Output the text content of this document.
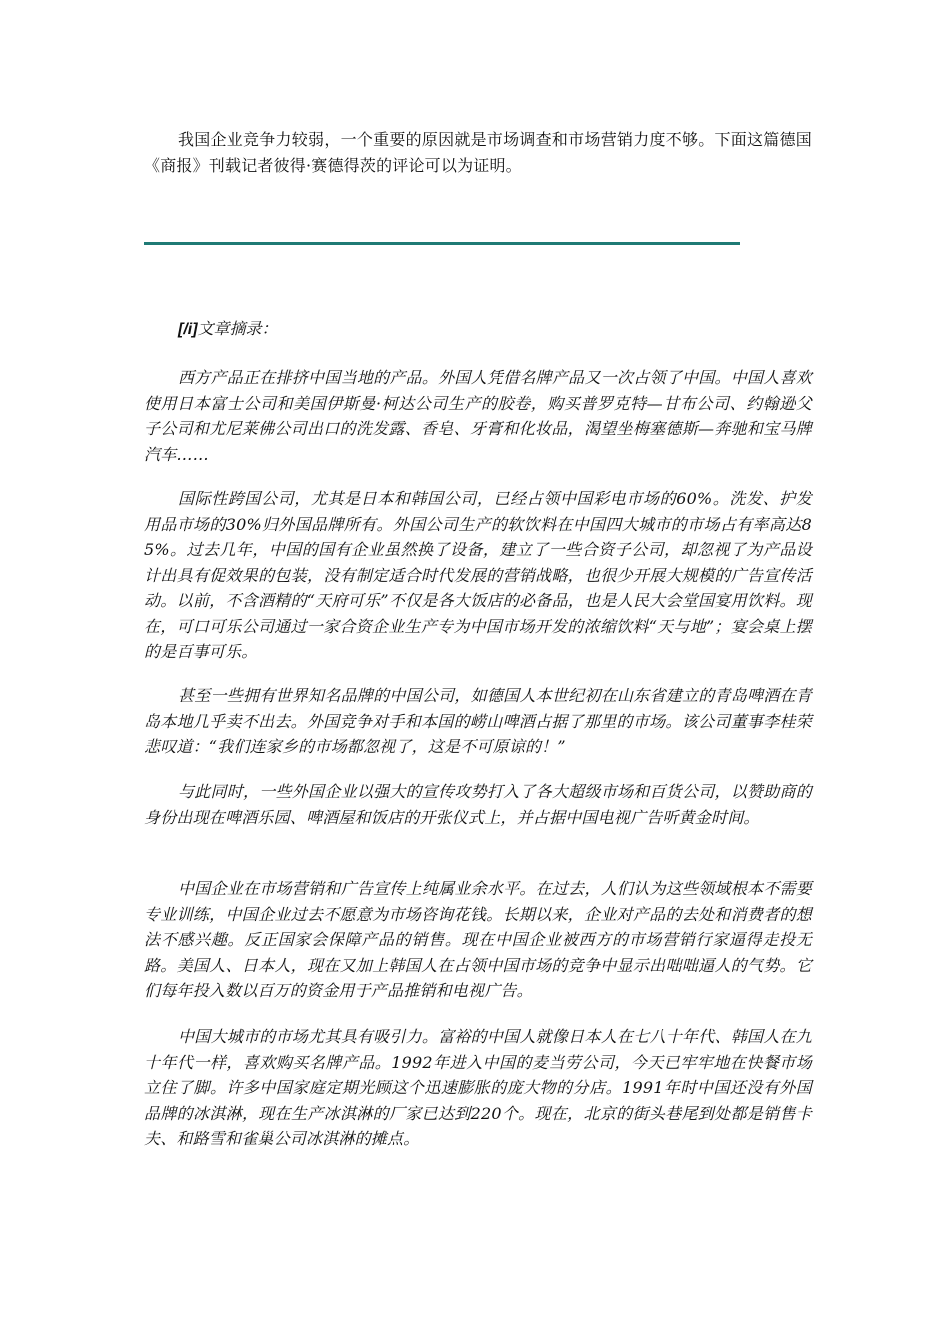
我国企业竞争力较弱，一个重要的原因就是市场调查和市场营销力度不够。下面这篇德国《商报》刊载记者彼得·赛德得茨的评论可以为证明。

[/i]文章摘录：

西方产品正在排挤中国当地的产品。外国人凭借名牌产品又一次占领了中国。中国人喜欢使用日本富士公司和美国伊斯曼·柯达公司生产的胶卷，购买普罗克特—甘布公司、约翰逊父子公司和尤尼莱佛公司出口的洗发露、香皂、牙膏和化妆品，渴望坐梅塞德斯—奔驰和宝马牌汽车……

国际性跨国公司，尤其是日本和韩国公司，已经占领中国彩电市场的60%。洗发、护发用品市场的30%归外国品牌所有。外国公司生产的软饮料在中国四大城市的市场占有率高达85%。过去几年，中国的国有企业虽然换了设备，建立了一些合资子公司，却忽视了为产品设计出具有促效果的包装，没有制定适合时代发展的营销战略，也很少开展大规模的广告宣传活动。以前，不含酒精的“天府可乐”不仅是各大饭店的必备品，也是人民大会堂国宴用饮料。现在，可口可乐公司通过一家合资企业生产专为中国市场开发的浓缩饮料“天与地”；宴会桌上摆的是百事可乐。

甚至一些拥有世界知名品牌的中国公司，如德国人本世纪初在山东省建立的青岛啤酒在青岛本地几乎卖不出去。外国竞争对手和本国的崂山啤酒占据了那里的市场。该公司董事李桂荣悲叹道：“我们连家乡的市场都忽视了，这是不可原谅的！”

与此同时，一些外国企业以强大的宣传攻势打入了各大超级市场和百货公司，以赞助商的身份出现在啤酒乐园、啤酒屋和饭店的开张仪式上，并占据中国电视广告听黄金时间。

中国企业在市场营销和广告宣传上纯属业余水平。在过去，人们认为这些领域根本不需要专业训练，中国企业过去不愿意为市场咨询花钱。长期以来，企业对产品的去处和消费者的想法不感兴趣。反正国家会保障产品的销售。现在中国企业被西方的市场营销行家逼得走投无路。美国人、日本人，现在又加上韩国人在占领中国市场的竞争中显示出咄咄逼人的气势。它们每年投入数以百万的资金用于产品推销和电视广告。

中国大城市的市场尤其具有吸引力。富裕的中国人就像日本人在七八十年代、韩国人在九十年代一样，喜欢购买名牌产品。1992年进入中国的麦当劳公司，今天已牢牢地在快餐市场立住了脚。许多中国家庭定期光顾这个迅速膨胀的庞大物的分店。1991年时中国还没有外国品牌的冰淇淋，现在生产冰淇淋的厂家已达到220个。现在，北京的街头巷尾到处都是销售卡夫、和路雪和雀巢公司冰淇淋的摊点。
